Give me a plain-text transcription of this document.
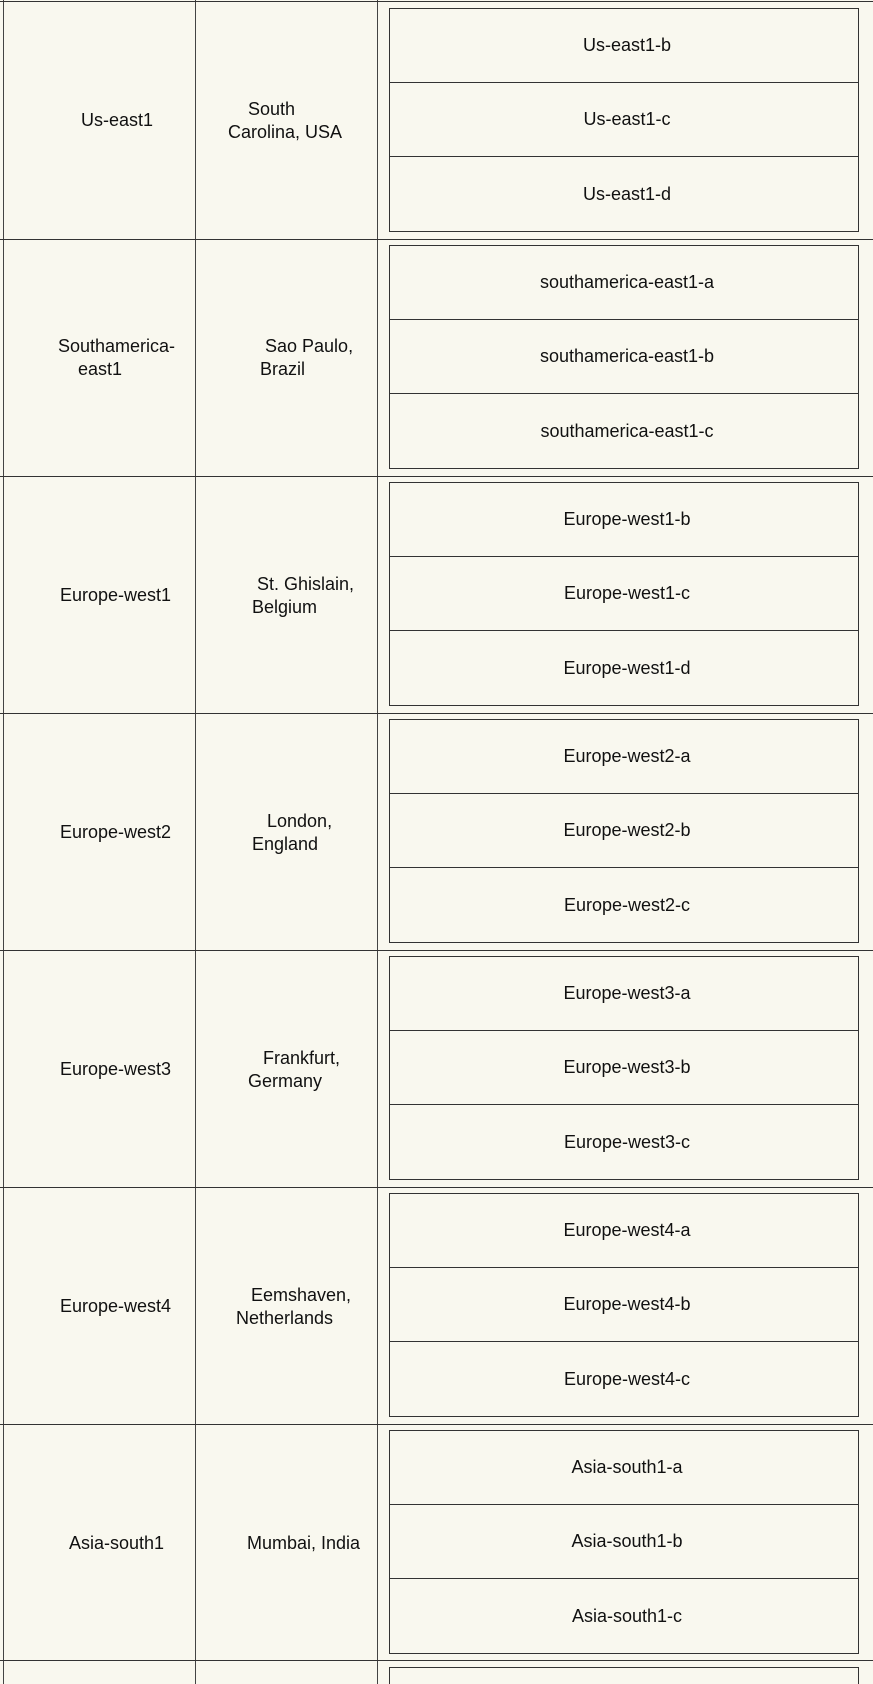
Us-east1
South
Carolina, USA
Us-east1-b
Us-east1-c
Us-east1-d
Southamerica-
east1
Sao Paulo,
Brazil
southamerica-east1-a
southamerica-east1-b
southamerica-east1-c
Europe-west1
St. Ghislain,
Belgium
Europe-west1-b
Europe-west1-c
Europe-west1-d
Europe-west2
London,
England
Europe-west2-a
Europe-west2-b
Europe-west2-c
Europe-west3
Frankfurt,
Germany
Europe-west3-a
Europe-west3-b
Europe-west3-c
Europe-west4
Eemshaven,
Netherlands
Europe-west4-a
Europe-west4-b
Europe-west4-c
Asia-south1	Mumbai, India
Asia-south1-a
Asia-south1-b
Asia-south1-c
